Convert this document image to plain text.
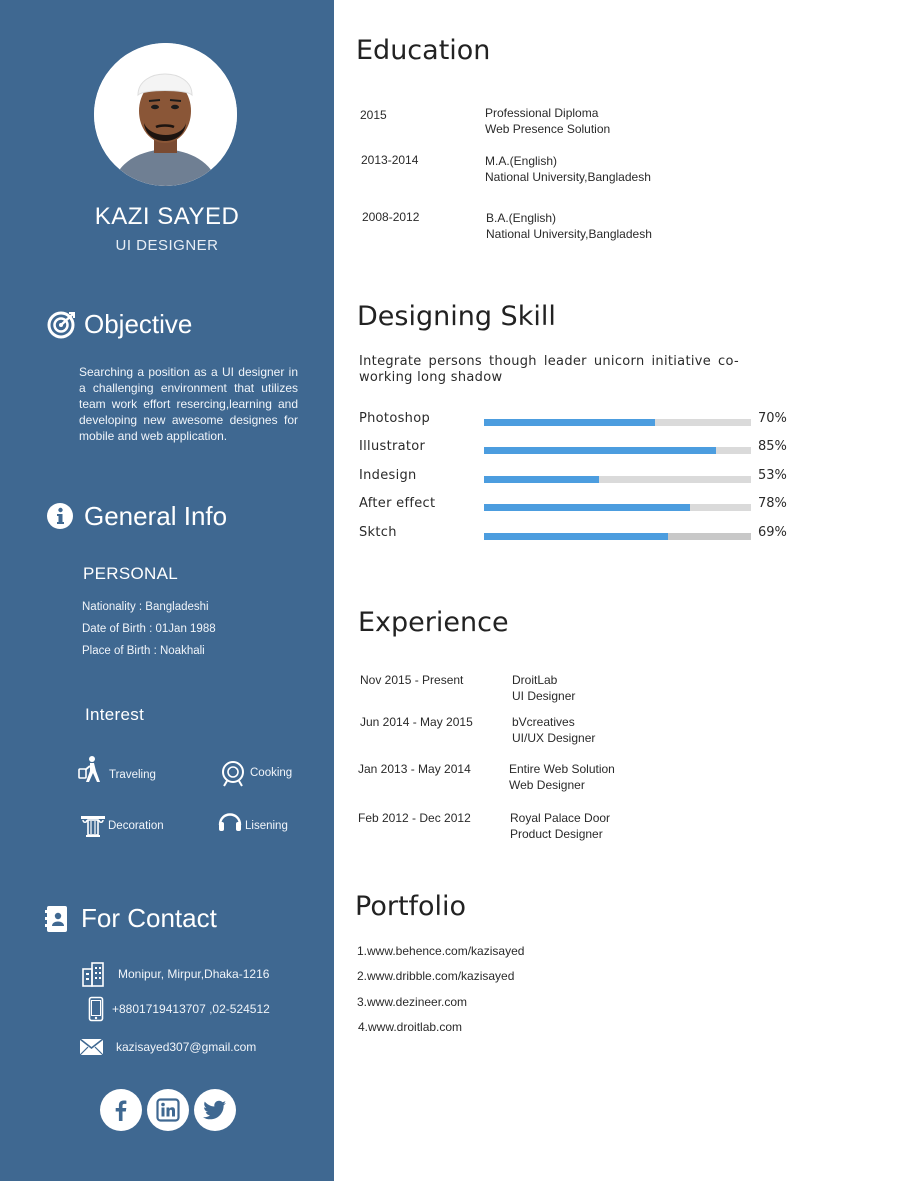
KAZI SAYED
UI DESIGNER
Objective
Searching a position as a UI designer in a challenging environment that utilizes team work effort resercing,learning and developing new awesome designes for mobile and web application.
General Info
PERSONAL
Nationality : Bangladeshi
Date of Birth : 01Jan 1988
Place of Birth : Noakhali
Interest
Traveling	Cooking
Decoration	Lisening
For Contact
Monipur, Mirpur,Dhaka-1216
+8801719413707 ,02-524512
kazisayed307@gmail.com
Education
2015	Professional Diploma
Web Presence Solution
2013-2014	M.A.(English)
National University,Bangladesh
2008-2012	B.A.(English)
National University,Bangladesh
Designing Skill
Integrate persons though leader unicorn initiative co-working long shadow
Photoshop	70%
Illustrator	85%
Indesign	53%
After effect	78%
Sktch	69%
Experience
Nov 2015 - Present	DroitLab
UI Designer
Jun 2014 - May 2015	bVcreatives
UI/UX Designer
Jan 2013 - May 2014	Entire Web Solution
Web Designer
Feb 2012 - Dec 2012	Royal Palace Door
Product Designer
Portfolio
1.www.behence.com/kazisayed
2.www.dribble.com/kazisayed
3.www.dezineer.com
4.www.droitlab.com
